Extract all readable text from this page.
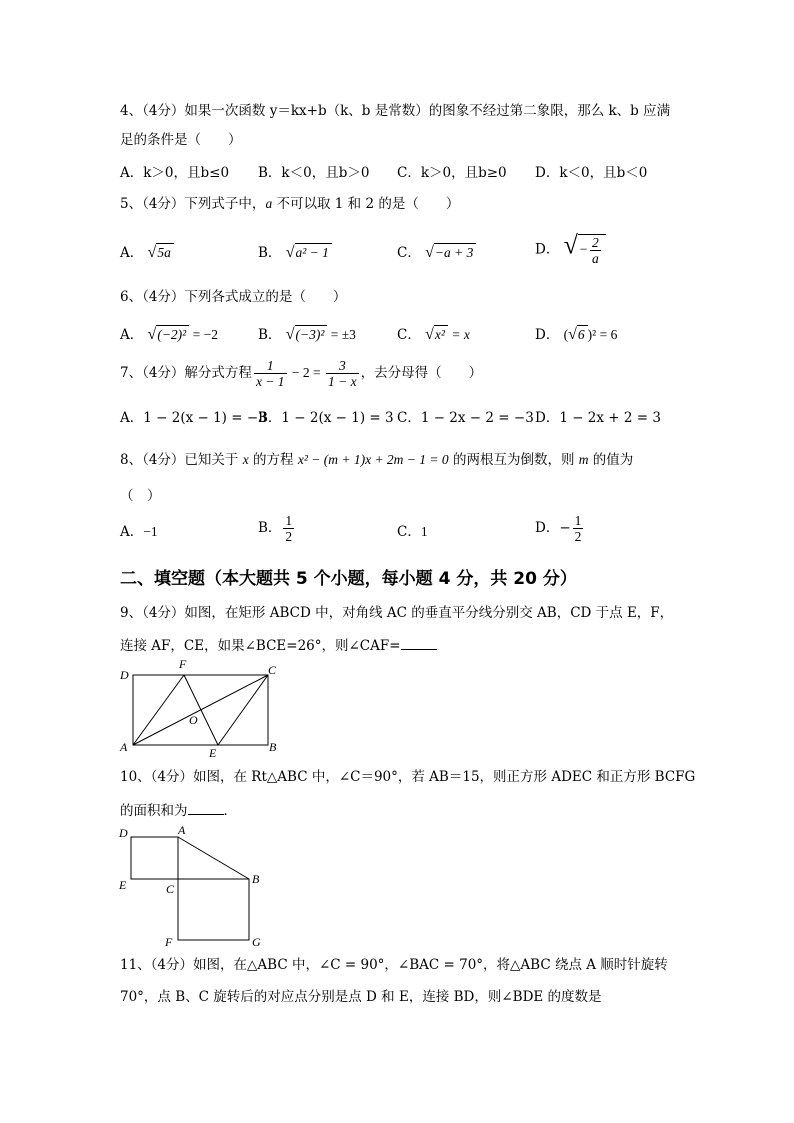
4、（4分）如果一次函数 y＝kx+b（k、b 是常数）的图象不经过第二象限，那么 k、b 应满
足的条件是（　　）
A．k＞0，且b≤0 B．k＜0，且b＞0 C．k＞0，且b≥0 D．k＜0，且b＜0
5、（4分）下列式子中，a 不可以取 1 和 2 的是（　　）
A． √5a	B． √a² − 1	C． √−a + 3	D． √− $\frac{2}{a}$
6、（4分）下列各式成立的是（　　）
A． √(−2)² = −2	B． √(−3)² = ±3	C． √x² = x	D． (√6 )² = 6
7、（4分）解分式方程 $\frac{1}{x - 1} - 2 = \frac{3}{1 - x}$ ，去分母得（　　）
A．1 − 2(x − 1) = −3
B．1 − 2(x − 1) = 3 C．1 − 2x − 2 = −3 D．1 − 2x + 2 = 3
8、（4分）已知关于 x 的方程 x² − (m + 1)x + 2m − 1 = 0 的两根互为倒数，则 m 的值为
（　）
A．−1	B． $\frac{1}{2}$	C．1	D．− $\frac{1}{2}$
二、填空题（本大题共 5 个小题，每小题 4 分，共 20 分）
9、（4分）如图，在矩形 ABCD 中，对角线 AC 的垂直平分线分别交 AB，CD 于点 E，F，
连接 AF，CE，如果∠BCE=26°，则∠CAF=
D
F	C
O
A	E	B
10、（4分）如图，在 Rt△ABC 中，∠C＝90°，若 AB＝15，则正方形 ADEC 和正方形 BCFG
的面积和为	．
D	A
E	C
B
F	G
11、（4分）如图，在△ABC 中，∠C = 90°，∠BAC = 70°，将△ABC 绕点 A 顺时针旋转
70°，点 B、C 旋转后的对应点分别是点 D 和 E，连接 BD，则∠BDE 的度数是
